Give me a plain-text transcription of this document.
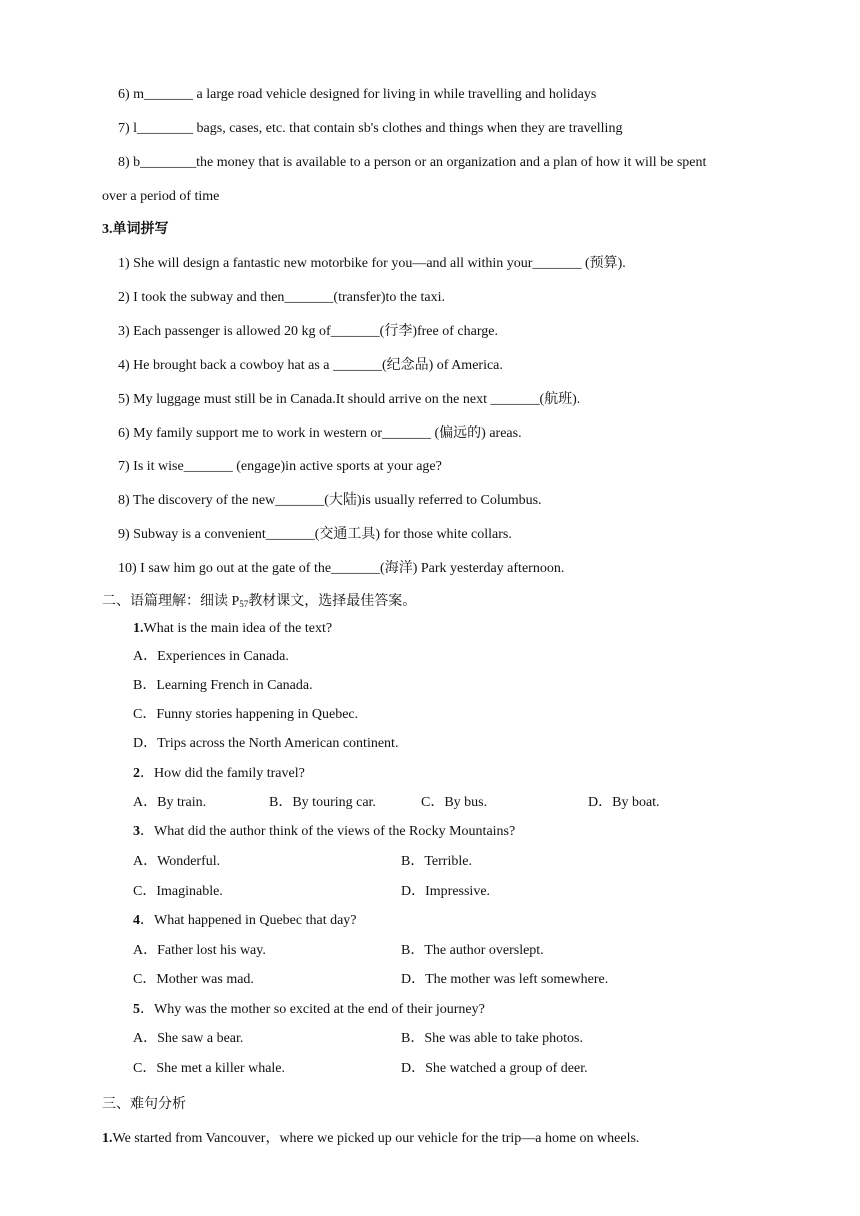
6) m_______ a large road vehicle designed for living in while travelling and holidays
7) l________ bags, cases, etc. that contain sb's clothes and things when they are travelling
8) b________the money that is available to a person or an organization and a plan of how it will be spent
over a period of time
3.单词拼写
1) She will design a fantastic new motorbike for you—and all within your_______ (预算).
2) I took the subway and then_______(transfer)to the taxi.
3) Each passenger is allowed 20 kg of_______(行李)free of charge.
4) He brought back a cowboy hat as a _______(纪念品) of America.
5) My luggage must still be in Canada.It should arrive on the next _______(航班).
6) My family support me to work in western or_______ (偏远的) areas.
7) Is it wise_______ (engage)in active sports at your age?
8) The discovery of the new_______(大陆)is usually referred to Columbus.
9) Subway is a convenient_______(交通工具) for those white collars.
10) I saw him go out at the gate of the_______(海洋) Park yesterday afternoon.
二、语篇理解：细读 $P_{57}$教材课文，选择最佳答案。
1.What is the main idea of the text?
A．Experiences in Canada.
B．Learning French in Canada.
C．Funny stories happening in Quebec.
D．Trips across the North American continent.
2．How did the family travel?
A．By train.	B．By touring car.	C．By bus.	D．By boat.
3．What did the author think of the views of the Rocky Mountains?
A．Wonderful.	B．Terrible.
C．Imaginable.	D．Impressive.
4．What happened in Quebec that day?
A．Father lost his way.	B．The author overslept.
C．Mother was mad.	D．The mother was left somewhere.
5．Why was the mother so excited at the end of their journey?
A．She saw a bear.	B．She was able to take photos.
C．She met a killer whale.	D．She watched a group of deer.
三、难句分析
1.We started from Vancouver，where we picked up our vehicle for the trip—a home on wheels.
